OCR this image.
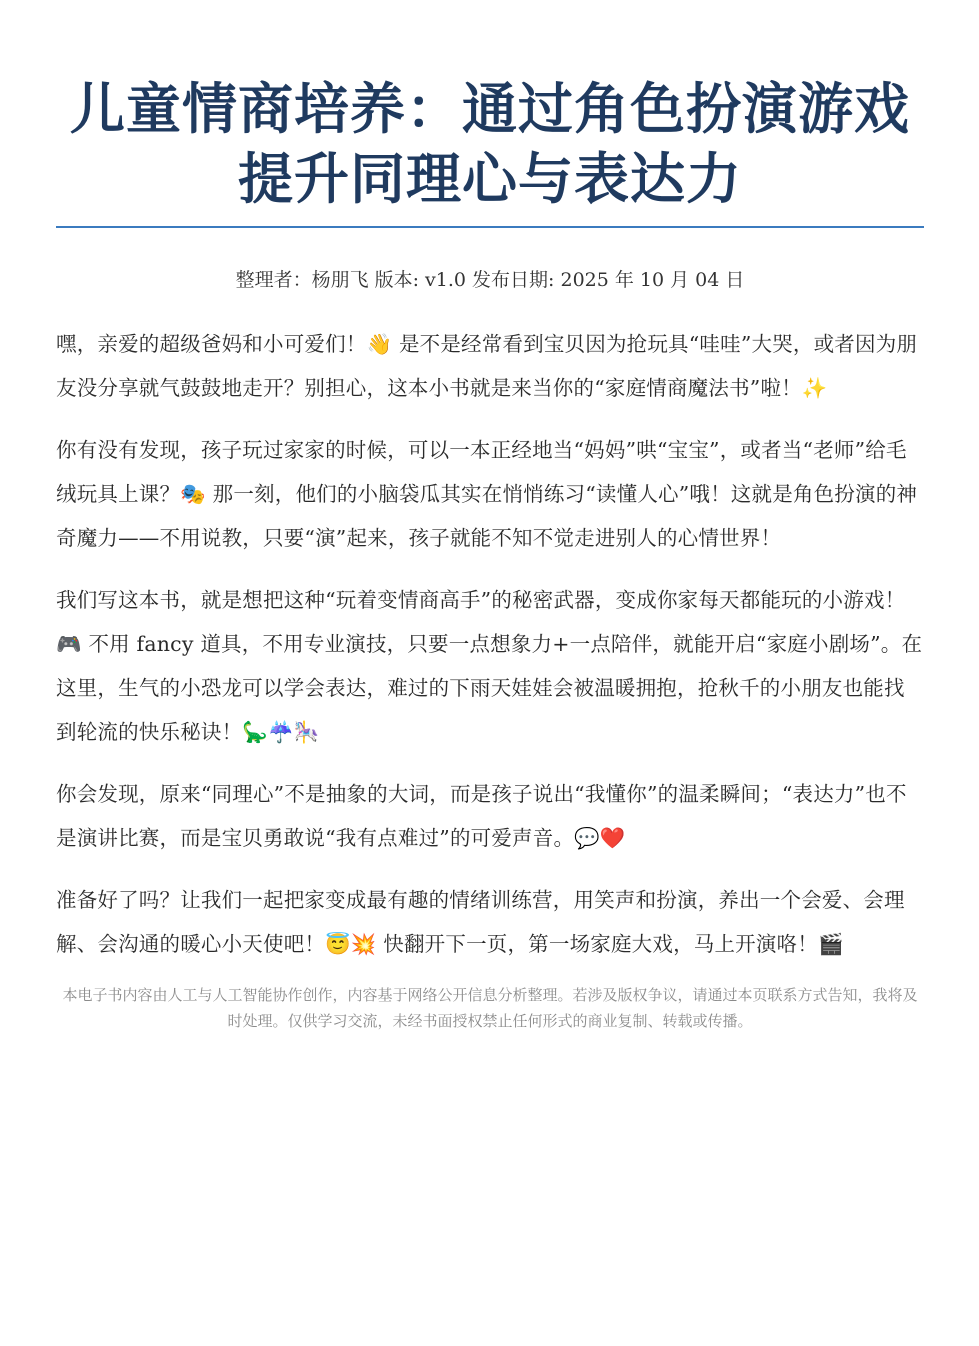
儿童情商培养：通过角色扮演游戏
提升同理心与表达力
整理者：杨朋飞 版本: v1.0 发布日期: 2025 年 10 月 04 日

嘿，亲爱的超级爸妈和小可爱们！👋 是不是经常看到宝贝因为抢玩具“哇哇”大哭，或者因为朋友没分享就气鼓鼓地走开？别担心，这本小书就是来当你的“家庭情商魔法书”啦！✨

你有没有发现，孩子玩过家家的时候，可以一本正经地当“妈妈”哄“宝宝”，或者当“老师”给毛绒玩具上课？🎭 那一刻，他们的小脑袋瓜其实在悄悄练习“读懂人心”哦！这就是角色扮演的神奇魔力——不用说教，只要“演”起来，孩子就能不知不觉走进别人的心情世界！

我们写这本书，就是想把这种“玩着变情商高手”的秘密武器，变成你家每天都能玩的小游戏！🎮 不用 fancy 道具，不用专业演技，只要一点想象力+一点陪伴，就能开启“家庭小剧场”。在这里，生气的小恐龙可以学会表达，难过的下雨天娃娃会被温暖拥抱，抢秋千的小朋友也能找到轮流的快乐秘诀！🦕☔🎠

你会发现，原来“同理心”不是抽象的大词，而是孩子说出“我懂你”的温柔瞬间；“表达力”也不是演讲比赛，而是宝贝勇敢说“我有点难过”的可爱声音。💬❤️

准备好了吗？让我们一起把家变成最有趣的情绪训练营，用笑声和扮演，养出一个会爱、会理解、会沟通的暖心小天使吧！😇💥 快翻开下一页，第一场家庭大戏，马上开演咯！🎬

本电子书内容由人工与人工智能协作创作，内容基于网络公开信息分析整理。若涉及版权争议，请通过本页联系方式告知，我将及时处理。仅供学习交流，未经书面授权禁止任何形式的商业复制、转载或传播。
